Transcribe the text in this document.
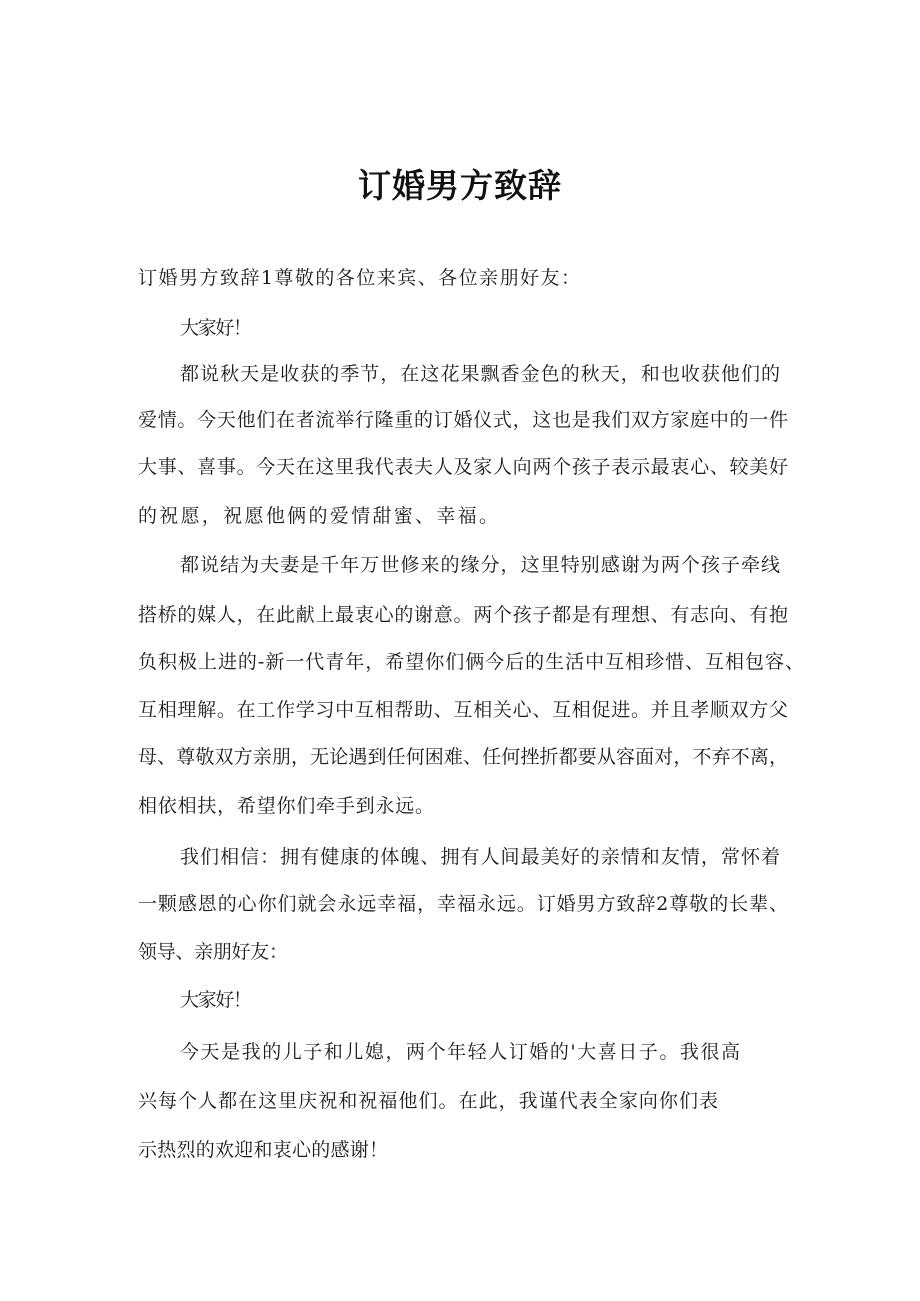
订婚男方致辞
订婚男方致辞1尊敬的各位来宾、各位亲朋好友：
大家好！
都说秋天是收获的季节，在这花果飘香金色的秋天，和也收获他们的
爱情。今天他们在者流举行隆重的订婚仪式，这也是我们双方家庭中的一件
大事、喜事。今天在这里我代表夫人及家人向两个孩子表示最衷心、较美好
的祝愿，祝愿他俩的爱情甜蜜、幸福。
都说结为夫妻是千年万世修来的缘分，这里特别感谢为两个孩子牵线
搭桥的媒人，在此献上最衷心的谢意。两个孩子都是有理想、有志向、有抱
负积极上进的-新一代青年，希望你们俩今后的生活中互相珍惜、互相包容、
互相理解。在工作学习中互相帮助、互相关心、互相促进。并且孝顺双方父
母、尊敬双方亲朋，无论遇到任何困难、任何挫折都要从容面对，不弃不离，
相依相扶，希望你们牵手到永远。
我们相信：拥有健康的体魄、拥有人间最美好的亲情和友情，常怀着
一颗感恩的心你们就会永远幸福，幸福永远。订婚男方致辞2尊敬的长辈、
领导、亲朋好友：
大家好！
今天是我的儿子和儿媳，两个年轻人订婚的'大喜日子。我很高
兴每个人都在这里庆祝和祝福他们。在此，我谨代表全家向你们表
示热烈的欢迎和衷心的感谢！
